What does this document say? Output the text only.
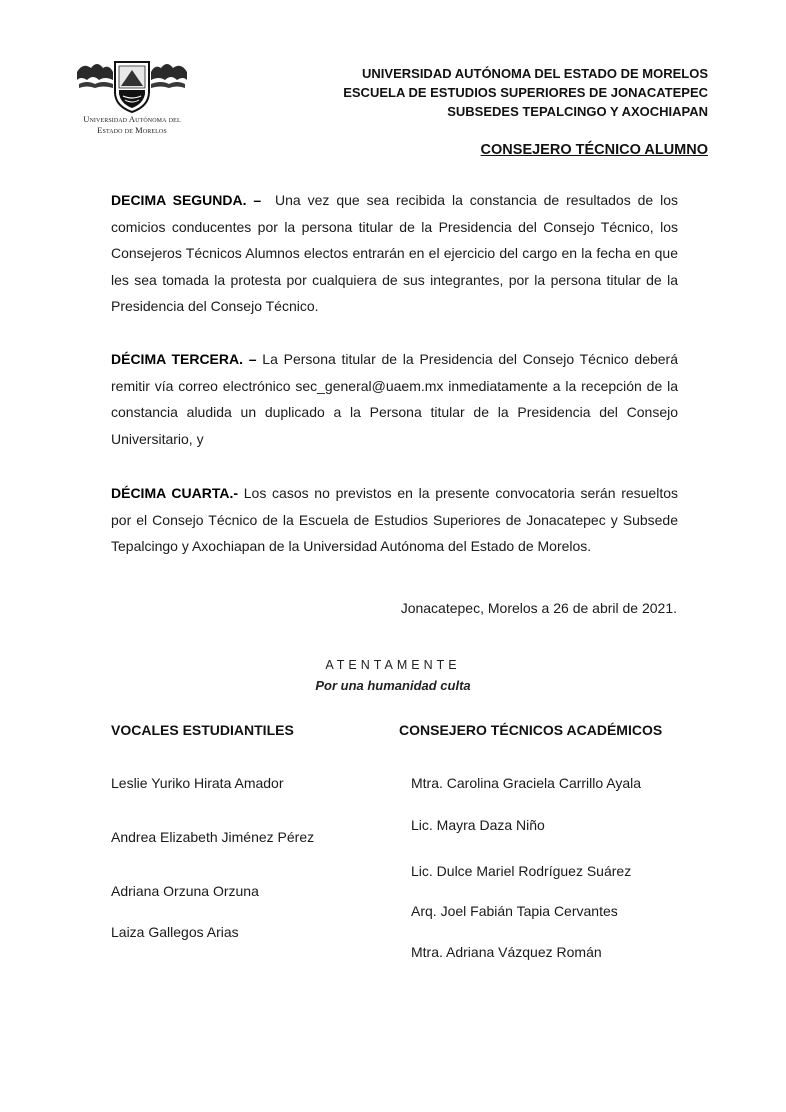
Universidad Autónoma del
Estado de Morelos
UNIVERSIDAD AUTÓNOMA DEL ESTADO DE MORELOS
ESCUELA DE ESTUDIOS SUPERIORES DE JONACATEPEC
SUBSEDES TEPALCINGO Y AXOCHIAPAN
CONSEJERO TÉCNICO ALUMNO
DECIMA SEGUNDA. – Una vez que sea recibida la constancia de resultados de los comicios conducentes por la persona titular de la Presidencia del Consejo Técnico, los Consejeros Técnicos Alumnos electos entrarán en el ejercicio del cargo en la fecha en que les sea tomada la protesta por cualquiera de sus integrantes, por la persona titular de la Presidencia del Consejo Técnico.
DÉCIMA TERCERA. – La Persona titular de la Presidencia del Consejo Técnico deberá remitir vía correo electrónico sec_general@uaem.mx inmediatamente a la recepción de la constancia aludida un duplicado a la Persona titular de la Presidencia del Consejo Universitario, y
DÉCIMA CUARTA.- Los casos no previstos en la presente convocatoria serán resueltos por el Consejo Técnico de la Escuela de Estudios Superiores de Jonacatepec y Subsede Tepalcingo y Axochiapan de la Universidad Autónoma del Estado de Morelos.
Jonacatepec, Morelos a 26 de abril de 2021.
ATENTAMENTE
Por una humanidad culta
VOCALES ESTUDIANTILES	CONSEJERO TÉCNICOS ACADÉMICOS
Leslie Yuriko Hirata Amador
Andrea Elizabeth Jiménez Pérez
Adriana Orzuna Orzuna
Laiza Gallegos Arias
Mtra. Carolina Graciela Carrillo Ayala
Lic. Mayra Daza Niño
Lic. Dulce Mariel Rodríguez Suárez
Arq. Joel Fabián Tapia Cervantes
Mtra. Adriana Vázquez Román
